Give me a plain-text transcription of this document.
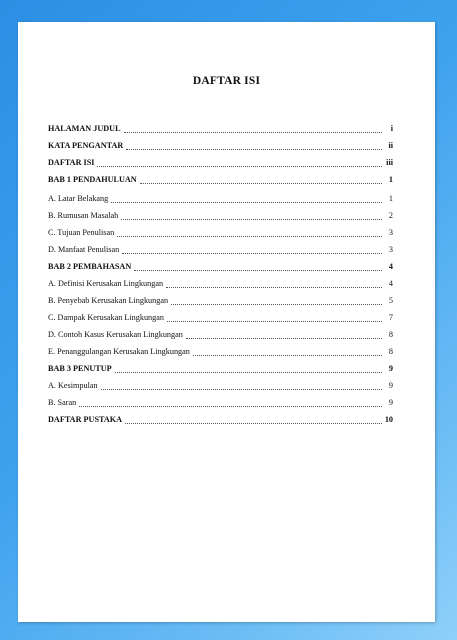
DAFTAR ISI
HALAMAN JUDUL	i
KATA PENGANTAR	ii
DAFTAR ISI	iii
BAB 1 PENDAHULUAN	1
A. Latar Belakang	1
B. Rumusan Masalah	2
C. Tujuan Penulisan	3
D. Manfaat Penulisan	3
BAB 2 PEMBAHASAN	4
A. Definisi Kerusakan Lingkungan	4
B. Penyebab Kerusakan Lingkungan	5
C. Dampak Kerusakan Lingkungan	7
D. Contoh Kasus Kerusakan Lingkungan	8
E. Penanggulangan Kerusakan Lingkungan	8
BAB 3 PENUTUP	9
A. Kesimpulan	9
B. Saran	9
DAFTAR PUSTAKA	10
